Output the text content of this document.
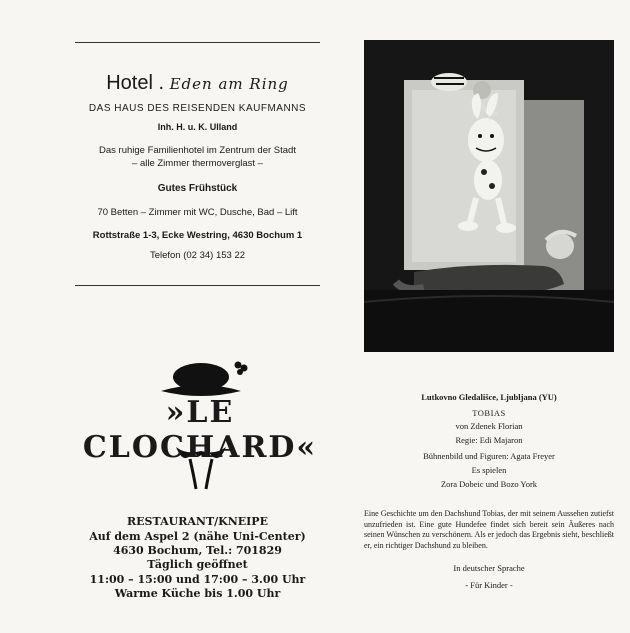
Hotel . Eden am Ring
DAS HAUS DES REISENDEN KAUFMANNS
Inh. H. u. K. Ulland
Das ruhige Familienhotel im Zentrum der Stadt
– alle Zimmer thermoverglast –
Gutes Frühstück
70 Betten – Zimmer mit WC, Dusche, Bad – Lift
Rottstraße 1-3, Ecke Westring, 4630 Bochum 1
Telefon (02 34) 153 22
»LE CLOCHARD«
RESTAURANT/KNEIPE
Auf dem Aspel 2 (nähe Uni-Center)
4630 Bochum, Tel.: 701829
Täglich geöffnet
11:00 – 15:00 und 17:00 – 3.00 Uhr
Warme Küche bis 1.00 Uhr
Lutkovno Gledališce, Ljubljana (YU)
TOBIAS
von Zdenek Florian
Regie: Edi Majaron
Bühnenbild und Figuren: Agata Freyer
Es spielen
Zora Dobeic und Bozo York
Eine Geschichte um den Dachshund Tobias, der mit seinem Aussehen zutiefst unzufrieden ist. Eine gute Hundefee findet sich bereit sein Äußeres nach seinen Wünschen zu verschönern. Als er jedoch das Ergebnis sieht, beschließt er, ein richtiger Dachshund zu bleiben.
In deutscher Sprache
- Für Kinder -
